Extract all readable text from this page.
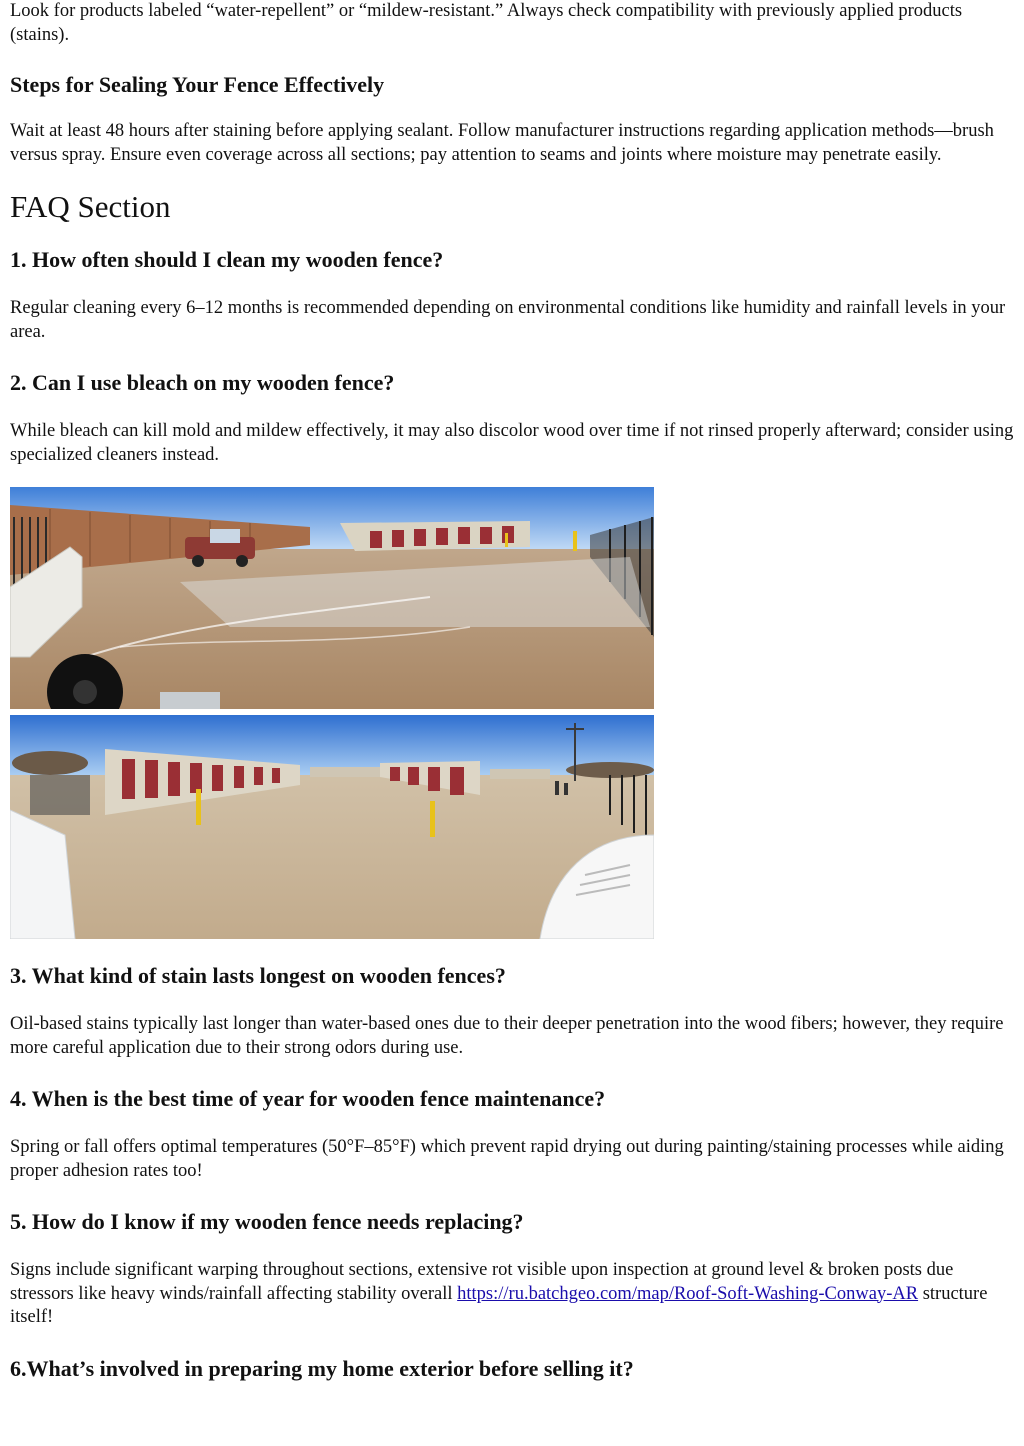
Look for products labeled “water-repellent” or “mildew-resistant.” Always check compatibility with previously applied products (stains).

Steps for Sealing Your Fence Effectively

Wait at least 48 hours after staining before applying sealant. Follow manufacturer instructions regarding application methods—brush versus spray. Ensure even coverage across all sections; pay attention to seams and joints where moisture may penetrate easily.

FAQ Section
1. How often should I clean my wooden fence?

Regular cleaning every 6–12 months is recommended depending on environmental conditions like humidity and rainfall levels in your area.

2. Can I use bleach on my wooden fence?

While bleach can kill mold and mildew effectively, it may also discolor wood over time if not rinsed properly afterward; consider using specialized cleaners instead.

3. What kind of stain lasts longest on wooden fences?

Oil-based stains typically last longer than water-based ones due to their deeper penetration into the wood fibers; however, they require more careful application due to their strong odors during use.

4. When is the best time of year for wooden fence maintenance?

Spring or fall offers optimal temperatures (50°F–85°F) which prevent rapid drying out during painting/staining processes while aiding proper adhesion rates too!

5. How do I know if my wooden fence needs replacing?

Signs include significant warping throughout sections, extensive rot visible upon inspection at ground level & broken posts due stressors like heavy winds/rainfall affecting stability overall https://ru.batchgeo.com/map/Roof-Soft-Washing-Conway-AR structure itself!

6.What’s involved in preparing my home exterior before selling it?
